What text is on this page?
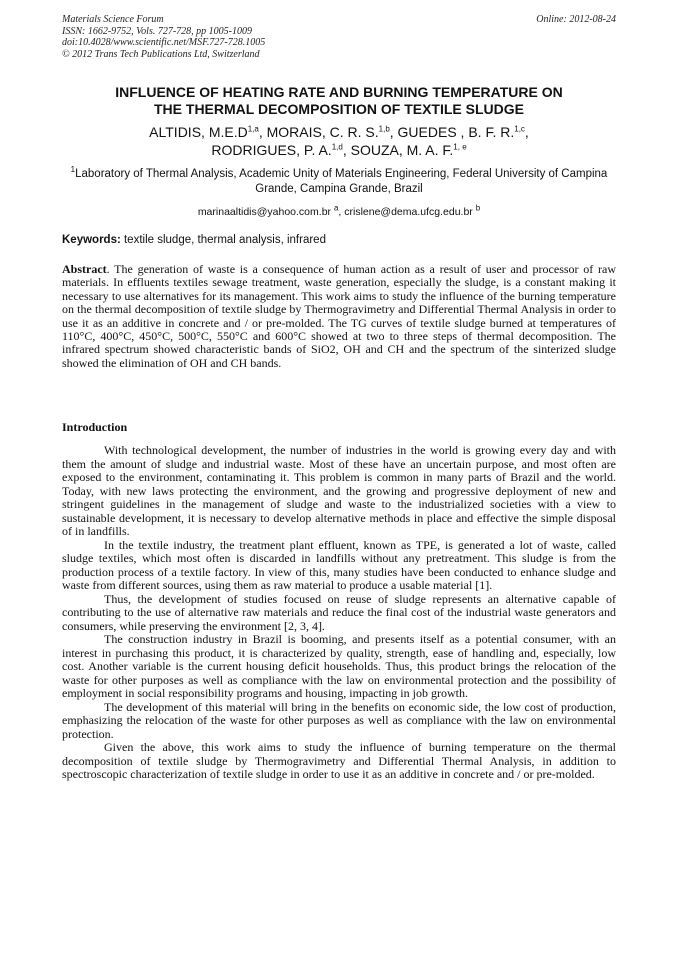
Materials Science Forum
ISSN: 1662-9752, Vols. 727-728, pp 1005-1009
doi:10.4028/www.scientific.net/MSF.727-728.1005
© 2012 Trans Tech Publications Ltd, Switzerland
Online: 2012-08-24
INFLUENCE OF HEATING RATE AND BURNING TEMPERATURE ON
THE THERMAL DECOMPOSITION OF TEXTILE SLUDGE
ALTIDIS, $M.E.D^{1,a}$, MORAIS, C. R. S.$^{1,b}$, GUEDES , B. F. R.$^{1,c}$,
RODRIGUES, P. A.$^{1,d}$, SOUZA, M. A. F.$^{1, e}$
$^1$Laboratory of Thermal Analysis, Academic Unity of Materials Engineering, Federal University of Campina Grande, Campina Grande, Brazil
marinaaltidis@yahoo.com.br $^a$, crislene@dema.ufcg.edu.br $^b$
Keywords: textile sludge, thermal analysis, infrared
Abstract. The generation of waste is a consequence of human action as a result of user and processor of raw materials. In effluents textiles sewage treatment, waste generation, especially the sludge, is a constant making it necessary to use alternatives for its management. This work aims to study the influence of the burning temperature on the thermal decomposition of textile sludge by Thermogravimetry and Differential Thermal Analysis in order to use it as an additive in concrete and / or pre-molded. The TG curves of textile sludge burned at temperatures of 110°C, 400°C, 450°C, 500°C, 550°C and 600°C showed at two to three steps of thermal decomposition. The infrared spectrum showed characteristic bands of SiO2, OH and CH and the spectrum of the sinterized sludge showed the elimination of OH and CH bands.
Introduction

With technological development, the number of industries in the world is growing every day and with them the amount of sludge and industrial waste. Most of these have an uncertain purpose, and most often are exposed to the environment, contaminating it. This problem is common in many parts of Brazil and the world. Today, with new laws protecting the environment, and the growing and progressive deployment of new and stringent guidelines in the management of sludge and waste to the industrialized societies with a view to sustainable development, it is necessary to develop alternative methods in place and effective the simple disposal of in landfills.

In the textile industry, the treatment plant effluent, known as TPE, is generated a lot of waste, called sludge textiles, which most often is discarded in landfills without any pretreatment. This sludge is from the production process of a textile factory. In view of this, many studies have been conducted to enhance sludge and waste from different sources, using them as raw material to produce a usable material [1].

Thus, the development of studies focused on reuse of sludge represents an alternative capable of contributing to the use of alternative raw materials and reduce the final cost of the industrial waste generators and consumers, while preserving the environment [2, 3, 4].

The construction industry in Brazil is booming, and presents itself as a potential consumer, with an interest in purchasing this product, it is characterized by quality, strength, ease of handling and, especially, low cost. Another variable is the current housing deficit households. Thus, this product brings the relocation of the waste for other purposes as well as compliance with the law on environmental protection and the possibility of employment in social responsibility programs and housing, impacting in job growth.

The development of this material will bring in the benefits on economic side, the low cost of production, emphasizing the relocation of the waste for other purposes as well as compliance with the law on environmental protection.

Given the above, this work aims to study the influence of burning temperature on the thermal decomposition of textile sludge by Thermogravimetry and Differential Thermal Analysis, in addition to spectroscopic characterization of textile sludge in order to use it as an additive in concrete and / or pre-molded.
